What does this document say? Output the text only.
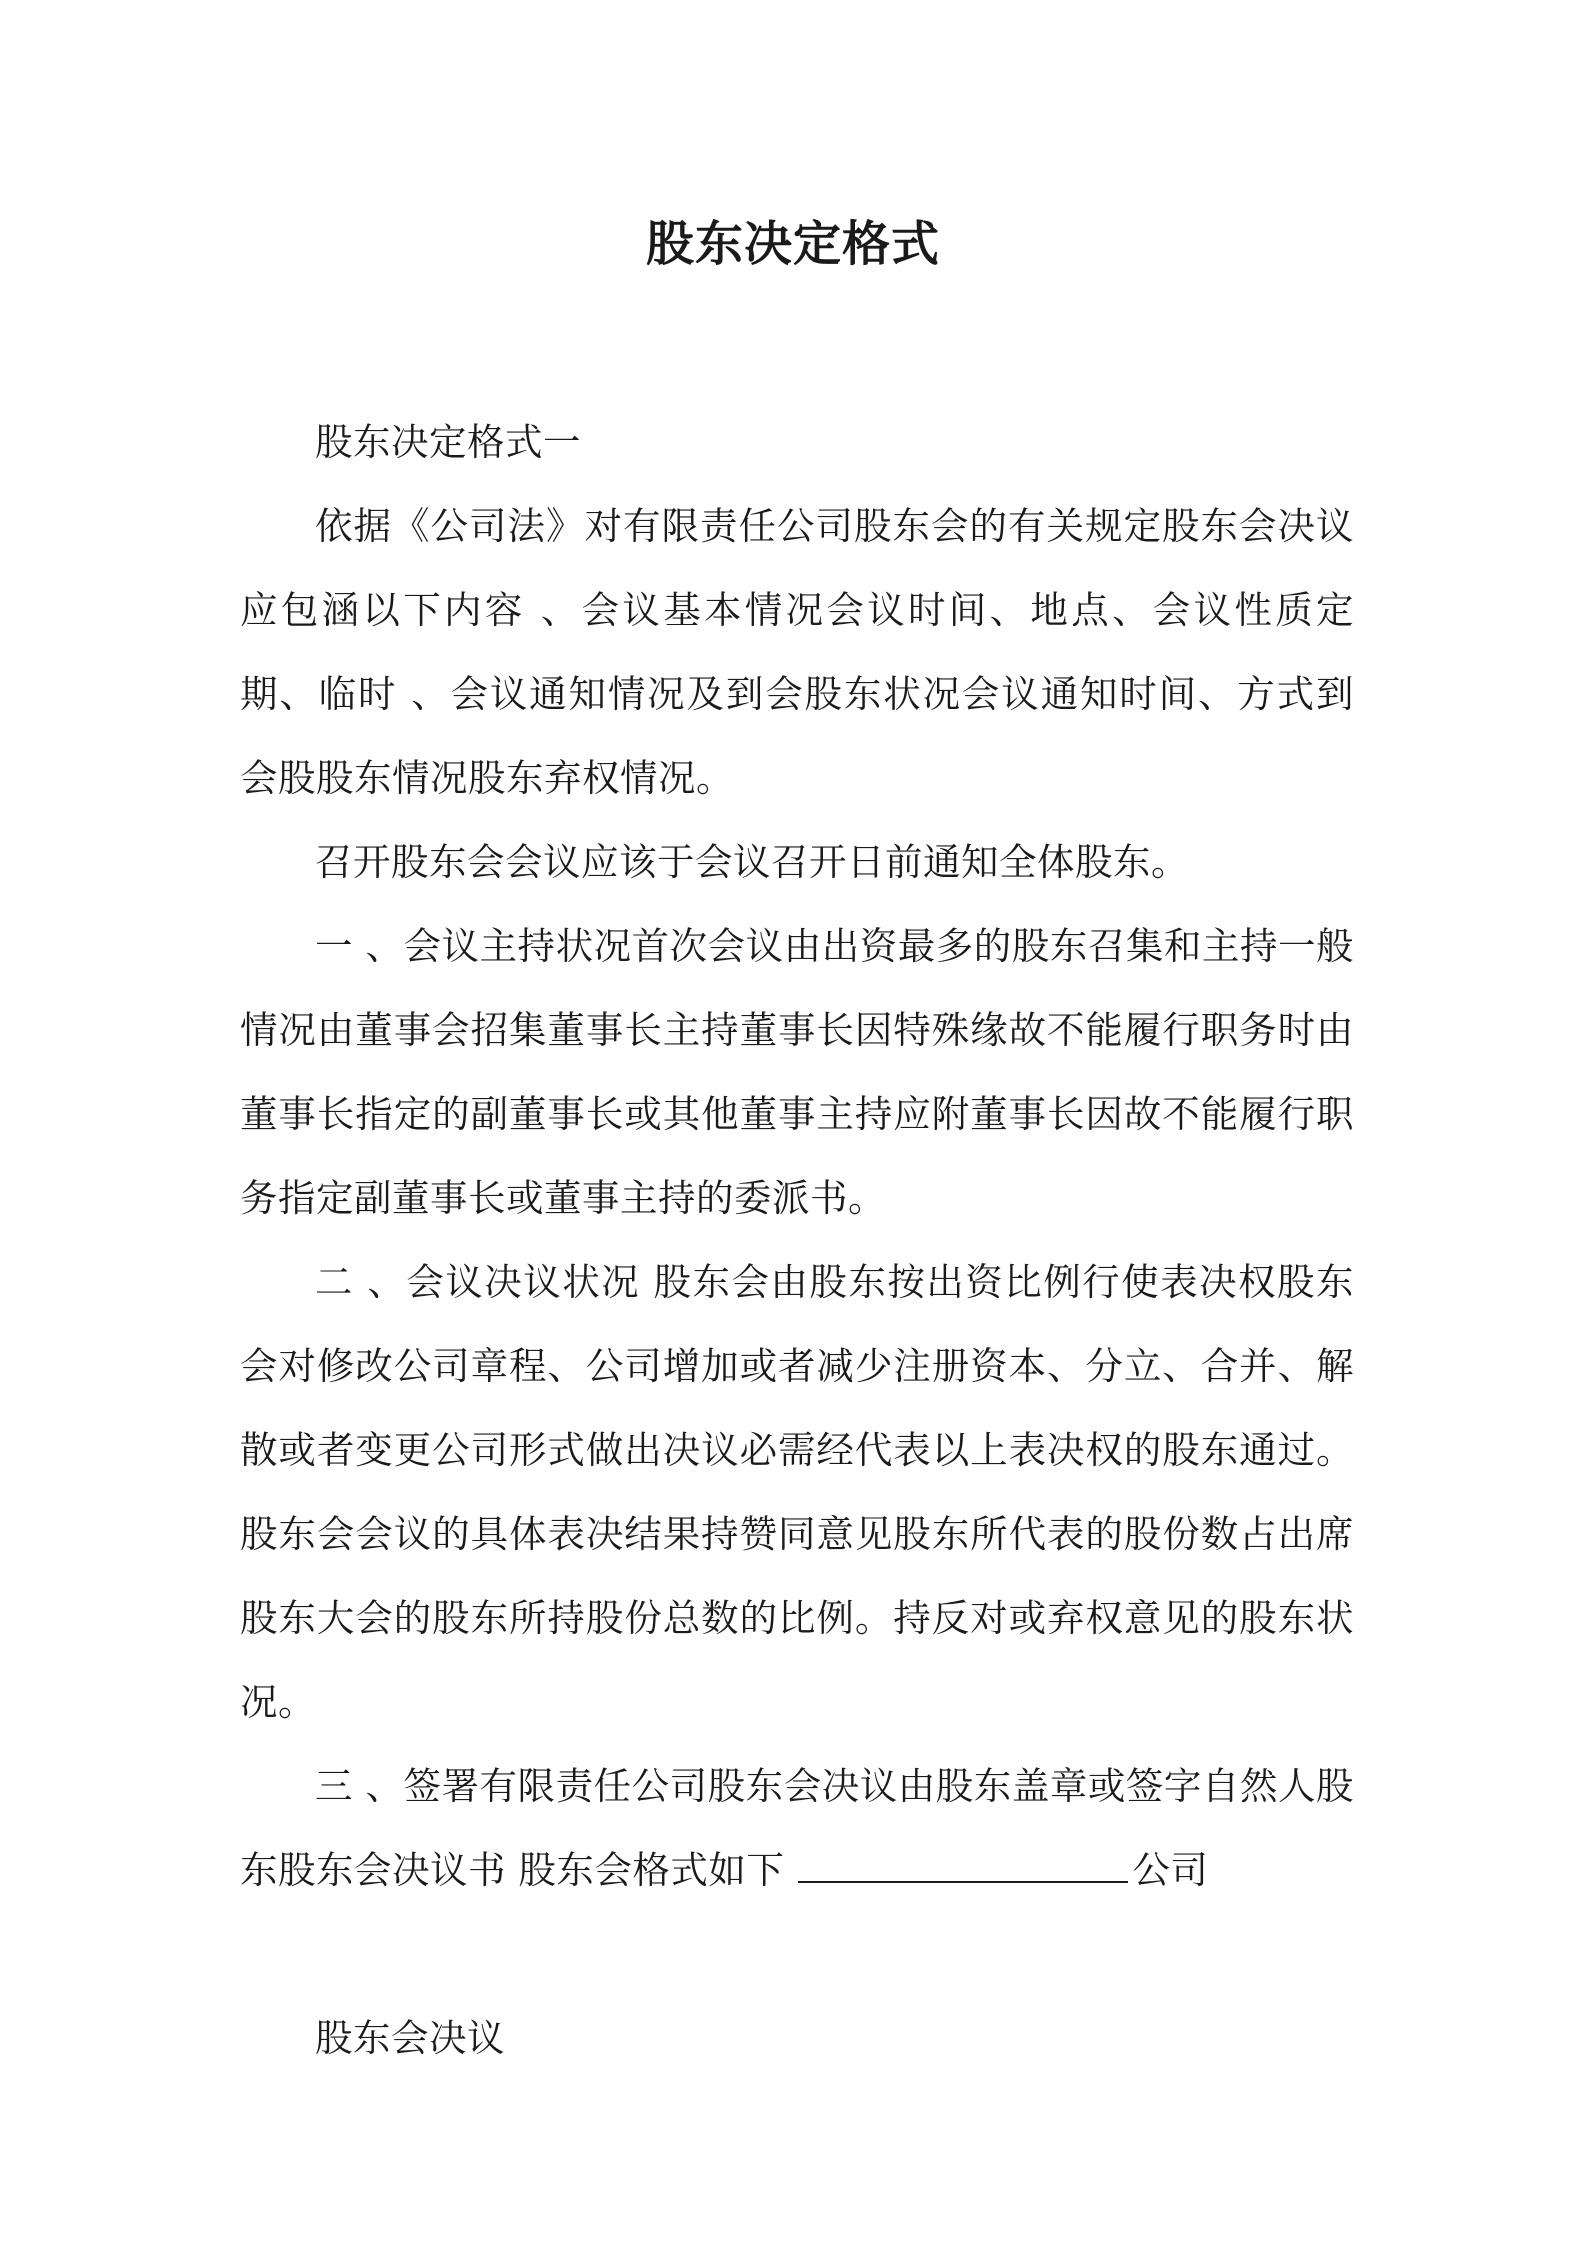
股东决定格式

股东决定格式一

依据《公司法》对有限责任公司股东会的有关规定股东会决议应包涵以下内容 、会议基本情况会议时间、地点、会议性质定期、临时 、会议通知情况及到会股东状况会议通知时间、方式到会股股东情况股东弃权情况。

召开股东会会议应该于会议召开日前通知全体股东。

一 、会议主持状况首次会议由出资最多的股东召集和主持一般情况由董事会招集董事长主持董事长因特殊缘故不能履行职务时由董事长指定的副董事长或其他董事主持应附董事长因故不能履行职务指定副董事长或董事主持的委派书。

二 、会议决议状况 股东会由股东按出资比例行使表决权股东会对修改公司章程、公司增加或者减少注册资本、分立、合并、解散或者变更公司形式做出决议必需经代表以上表决权的股东通过。 股东会会议的具体表决结果持赞同意见股东所代表的股份数占出席股东大会的股东所持股份总数的比例。持反对或弃权意见的股东状况。

三 、签署有限责任公司股东会决议由股东盖章或签字自然人股东股东会决议书 股东会格式如下	公司

股东会决议
